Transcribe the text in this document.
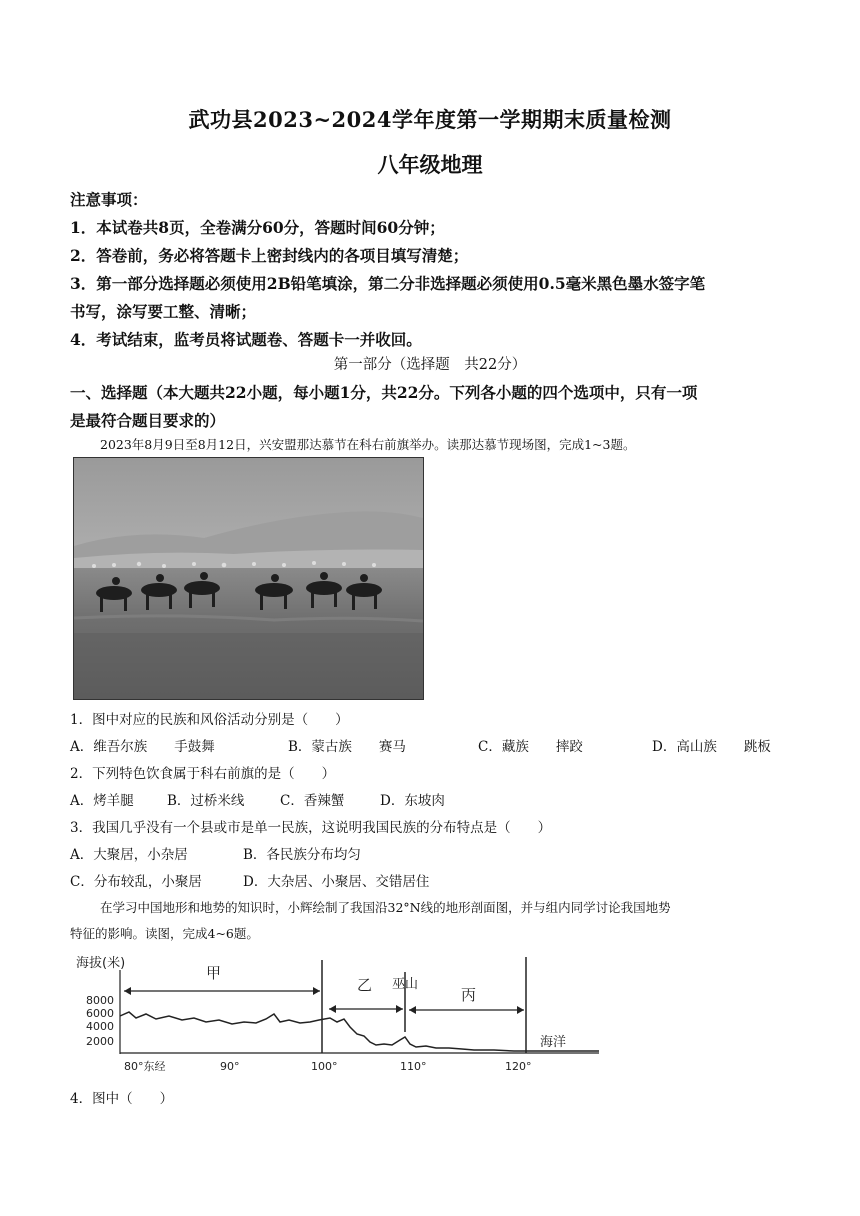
武功县2023~2024学年度第一学期期末质量检测
八年级地理
注意事项：
1．本试卷共8页，全卷满分60分，答题时间60分钟；
2．答卷前，务必将答题卡上密封线内的各项目填写清楚；
3．第一部分选择题必须使用2B铅笔填涂，第二分非选择题必须使用0.5毫米黑色墨水签字笔
书写，涂写要工整、清晰；
4．考试结束，监考员将试题卷、答题卡一并收回。
第一部分（选择题　共22分）
一、选择题（本大题共22小题，每小题1分，共22分。下列各小题的四个选项中，只有一项
是最符合题目要求的）
2023年8月9日至8月12日，兴安盟那达慕节在科右前旗举办。读那达慕节现场图，完成1~3题。
1．图中对应的民族和风俗活动分别是（　　）
A．维吾尔族　　手鼓舞	B．蒙古族　　赛马	C．藏族　　摔跤	D．高山族　　跳板
2．下列特色饮食属于科右前旗的是（　　）
A．烤羊腿 B．过桥米线	C．香辣蟹	D．东坡肉
3．我国几乎没有一个县或市是单一民族，这说明我国民族的分布特点是（　　）
A．大聚居，小杂居	B．各民族分布均匀
C．分布较乱，小聚居	D．大杂居、小聚居、交错居住
在学习中国地形和地势的知识时，小辉绘制了我国沿32°N线的地形剖面图，并与组内同学讨论我国地势
特征的影响。读图，完成4~6题。
海拔(米)
8000
6000
4000
2000
甲
乙 巫山
丙
海洋
80°东经	90°	100°	110°	120°
4．图中（　　）
